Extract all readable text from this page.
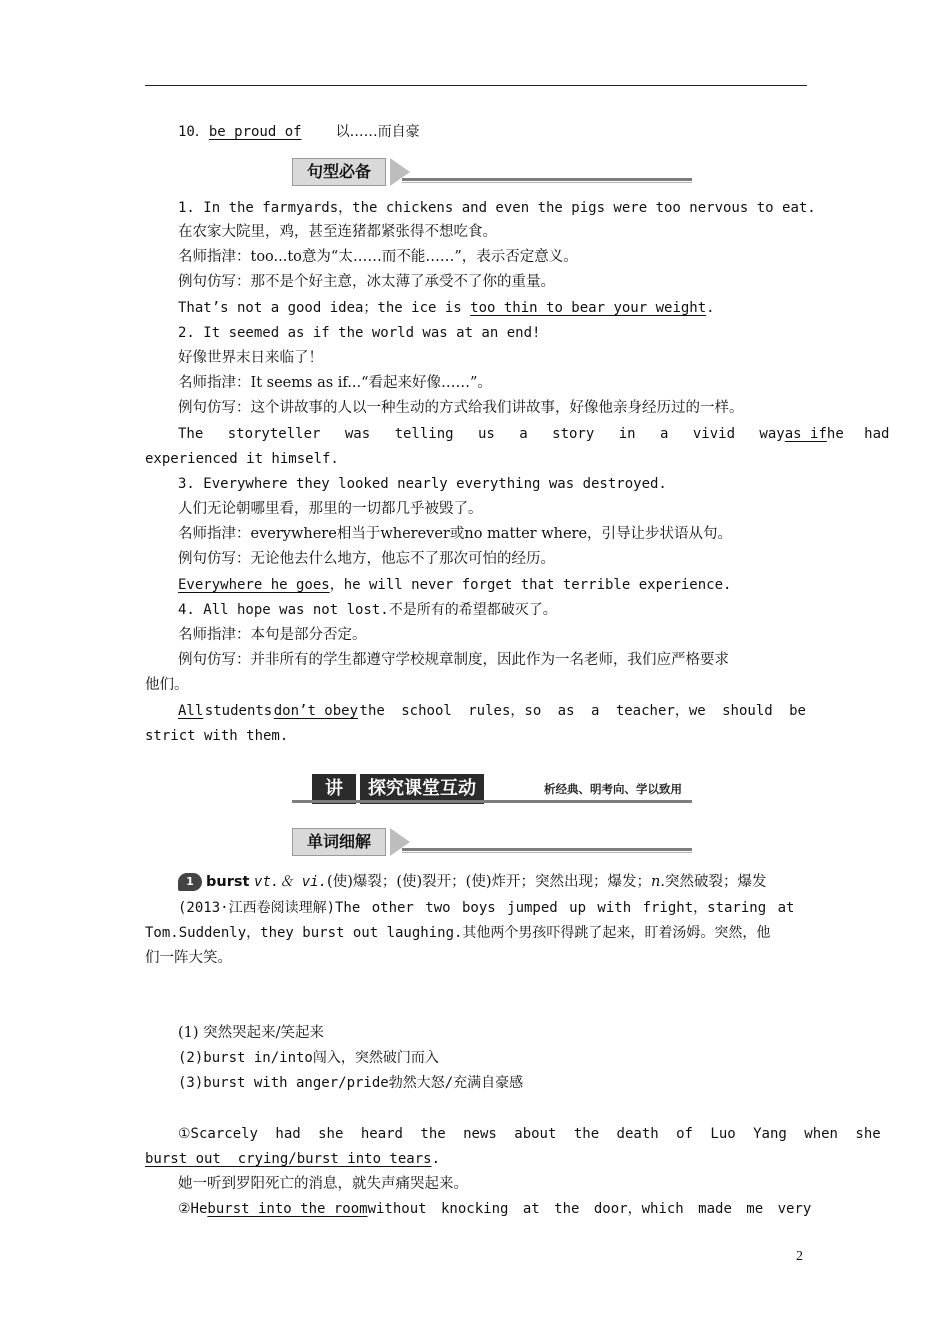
10．be proud of 以……而自豪
句型必备
1. In the farmyards，the chickens and even the pigs were too nervous to eat.
在农家大院里，鸡，甚至连猪都紧张得不想吃食。
名师指津：too...to意为“太……而不能……”，表示否定意义。
例句仿写：那不是个好主意，冰太薄了承受不了你的重量。
That’s not a good idea；the ice is too thin to bear your weight.
2. It seemed as if the world was at an end!
好像世界末日来临了！
名师指津：It seems as if...“看起来好像……”。
例句仿写：这个讲故事的人以一种生动的方式给我们讲故事，好像他亲身经历过的一样。
The storyteller was telling us a story in a vivid way as if he had
experienced it himself.
3. Everywhere they looked nearly everything was destroyed.
人们无论朝哪里看，那里的一切都几乎被毁了。
名师指津：everywhere相当于wherever或no matter where，引导让步状语从句。
例句仿写：无论他去什么地方，他忘不了那次可怕的经历。
Everywhere he goes，he will never forget that terrible experience.
4. All hope was not lost.不是所有的希望都破灭了。
名师指津：本句是部分否定。
例句仿写：并非所有的学生都遵守学校规章制度，因此作为一名老师，我们应严格要求
他们。
All students don’t obey the school rules，so as a teacher，we should be
strict with them.
讲	探究课堂互动	析经典、明考向、学以致用
单词细解
1 burst vt.＆ vi.(使)爆裂；(使)裂开；(使)炸开；突然出现；爆发；n.突然破裂；爆发
(2013·江西卷阅读理解)The other two boys jumped up with fright，staring at
Tom.Suddenly，they burst out laughing.其他两个男孩吓得跳了起来，盯着汤姆。突然，他
们一阵大笑。
(1) 突然哭起来/笑起来
(2)burst in/into闯入，突然破门而入
(3)burst with anger/pride勃然大怒/充满自豪感
①Scarcely had she heard the news about the death of Luo Yang when she
burst out crying/burst into tears.
她一听到罗阳死亡的消息，就失声痛哭起来。
②He burst into the room without knocking at the door，which made me very
2
